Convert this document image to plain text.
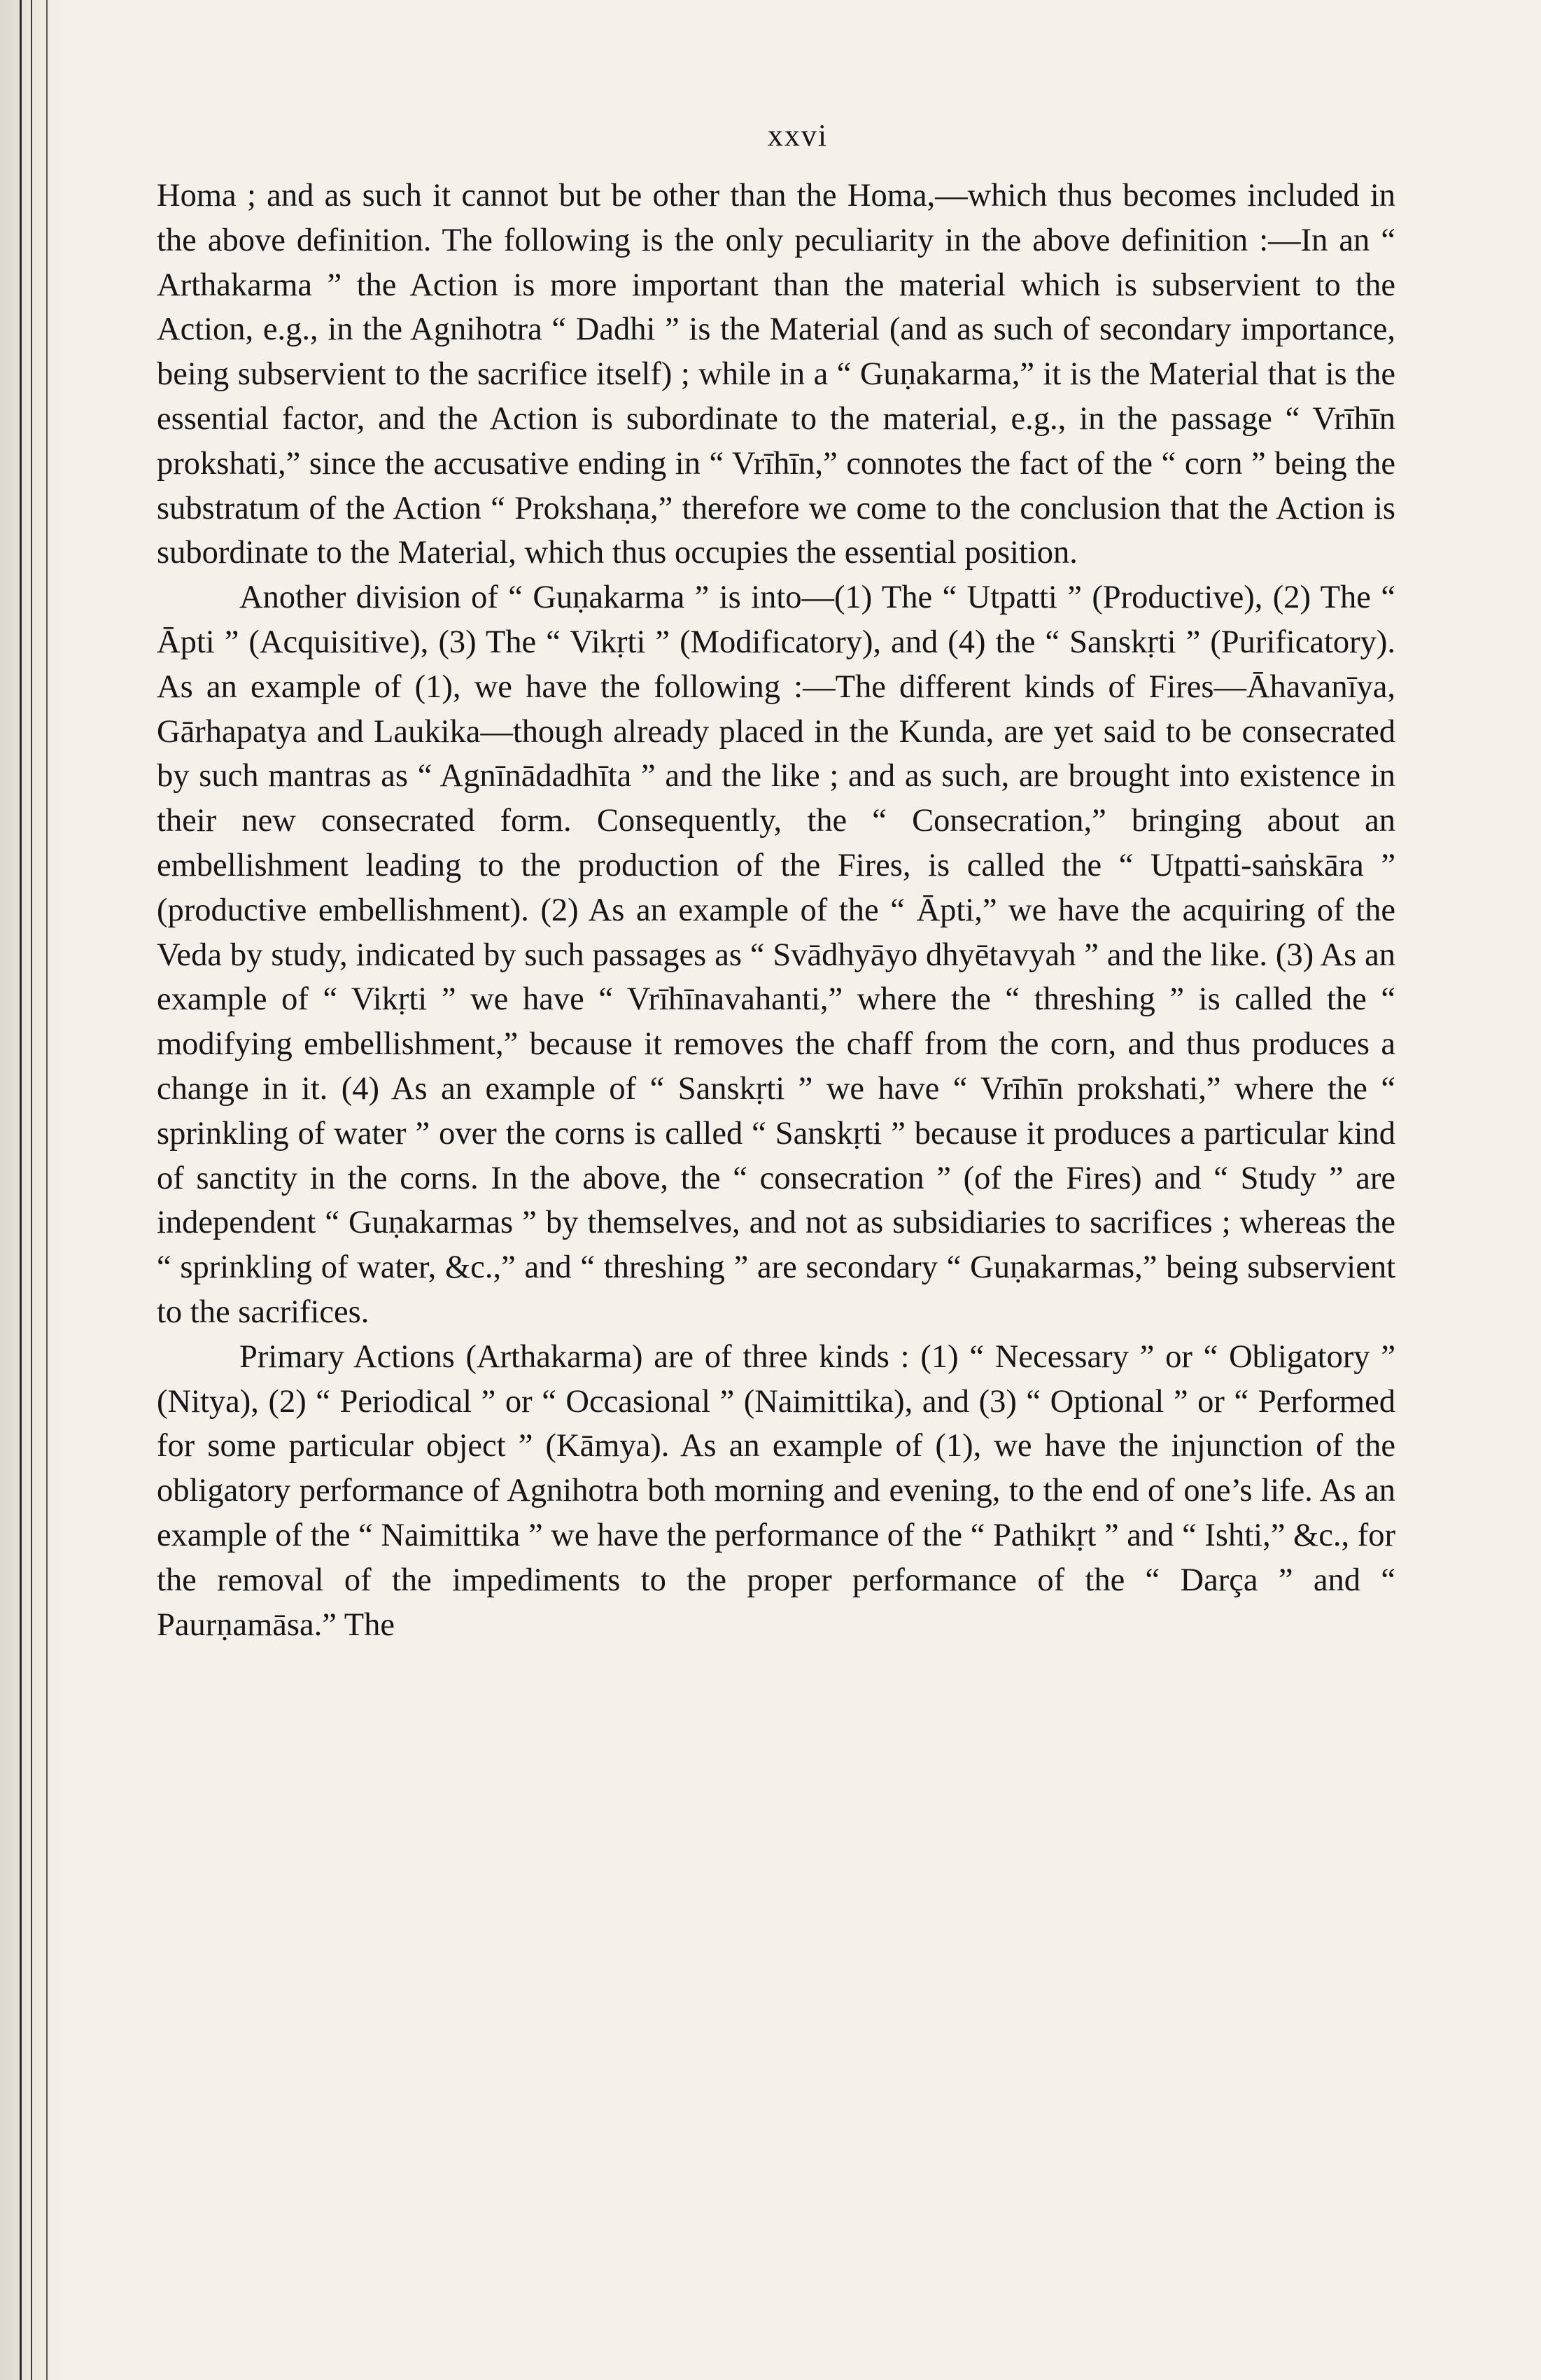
xxvi

Homa ; and as such it cannot but be other than the Homa,—which thus becomes included in the above definition. The following is the only peculiarity in the above definition :—In an “ Arthakarma ” the Action is more important than the material which is subservient to the Action, e.g., in the Agnihotra “ Dadhi ” is the Material (and as such of secondary importance, being subservient to the sacrifice itself) ; while in a “ Guṇakarma,” it is the Material that is the essential factor, and the Action is subordinate to the material, e.g., in the passage “ Vrīhīn prokshati,” since the accusative ending in “ Vrīhīn,” connotes the fact of the “ corn ” being the substratum of the Action “ Prokshaṇa,” therefore we come to the conclusion that the Action is subordinate to the Material, which thus occupies the essential position.

Another division of “ Guṇakarma ” is into—(1) The “ Utpatti ” (Productive), (2) The “ Āpti ” (Acquisitive), (3) The “ Vikṛti ” (Modificatory), and (4) the “ Sanskṛti ” (Purificatory). As an example of (1), we have the following :—The different kinds of Fires—Āhavanīya, Gārhapatya and Laukika—though already placed in the Kunda, are yet said to be consecrated by such mantras as “ Agnīnādadhīta ” and the like ; and as such, are brought into existence in their new consecrated form. Consequently, the “ Consecration,” bringing about an embellishment leading to the production of the Fires, is called the “ Utpatti-saṅskāra ” (productive embellishment). (2) As an example of the “ Āpti,” we have the acquiring of the Veda by study, indicated by such passages as “ Svādhyāyo dhyētavyah ” and the like. (3) As an example of “ Vikṛti ” we have “ Vrīhīnavahanti,” where the “ threshing ” is called the “ modifying embellishment,” because it removes the chaff from the corn, and thus produces a change in it. (4) As an example of “ Sanskṛti ” we have “ Vrīhīn prokshati,” where the “ sprinkling of water ” over the corns is called “ Sanskṛti ” because it produces a particular kind of sanctity in the corns. In the above, the “ consecration ” (of the Fires) and “ Study ” are independent “ Guṇakarmas ” by themselves, and not as subsidiaries to sacrifices ; whereas the “ sprinkling of water, &c.,” and “ threshing ” are secondary “ Guṇakarmas,” being subservient to the sacrifices.

Primary Actions (Arthakarma) are of three kinds : (1) “ Necessary ” or “ Obligatory ” (Nitya), (2) “ Periodical ” or “ Occasional ” (Naimittika), and (3) “ Optional ” or “ Performed for some particular object ” (Kāmya). As an example of (1), we have the injunction of the obligatory performance of Agnihotra both morning and evening, to the end of one’s life. As an example of the “ Naimittika ” we have the performance of the “ Pathikṛt ” and “ Ishti,” &c., for the removal of the impediments to the proper performance of the “ Darça ” and “ Paurṇamāsa.” The
